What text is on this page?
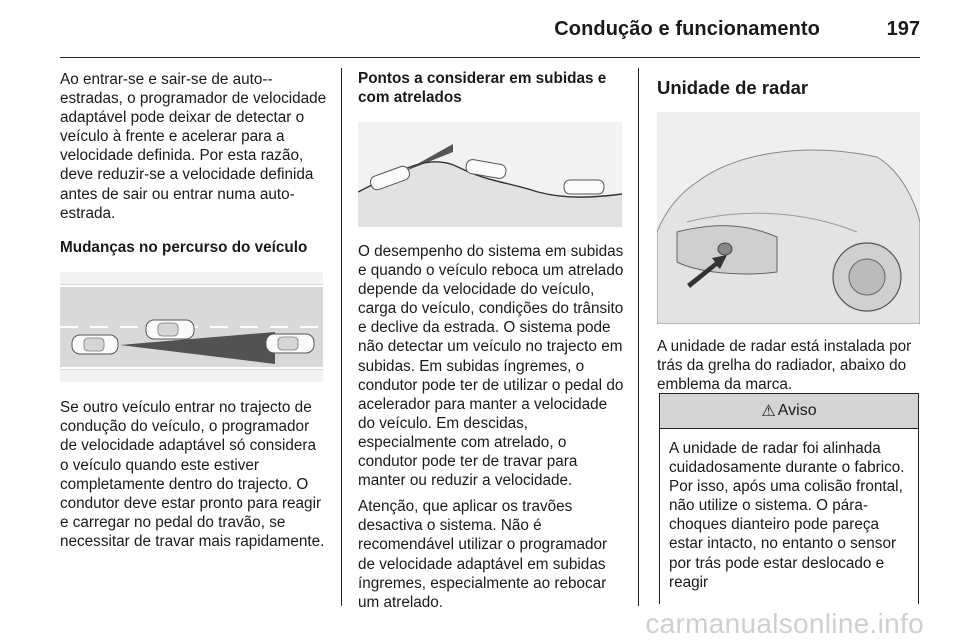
Condução e funcionamento	197

Ao entrar-se e sair-se de auto--estradas, o programador de velocidade adaptável pode deixar de detectar o veículo à frente e acelerar para a velocidade definida. Por esta razão, deve reduzir-se a velocidade definida antes de sair ou entrar numa auto-estrada.

Mudanças no percurso do veículo

Se outro veículo entrar no trajecto de condução do veículo, o programador de velocidade adaptável só considera o veículo quando este estiver completamente dentro do trajecto. O condutor deve estar pronto para reagir e carregar no pedal do travão, se necessitar de travar mais rapidamente.

Pontos a considerar em subidas e com atrelados

O desempenho do sistema em subidas e quando o veículo reboca um atrelado depende da velocidade do veículo, carga do veículo, condições do trânsito e declive da estrada. O sistema pode não detectar um veículo no trajecto em subidas. Em subidas íngremes, o condutor pode ter de utilizar o pedal do acelerador para manter a velocidade do veículo. Em descidas, especialmente com atrelado, o condutor pode ter de travar para manter ou reduzir a velocidade.

Atenção, que aplicar os travões desactiva o sistema. Não é recomendável utilizar o programador de velocidade adaptável em subidas íngremes, especialmente ao rebocar um atrelado.

Unidade de radar

A unidade de radar está instalada por trás da grelha do radiador, abaixo do emblema da marca.

⚠ Aviso

A unidade de radar foi alinhada cuidadosamente durante o fabrico. Por isso, após uma colisão frontal, não utilize o sistema. O pára-choques dianteiro pode pareça estar intacto, no entanto o sensor por trás pode estar deslocado e reagir

carmanualsonline.info
